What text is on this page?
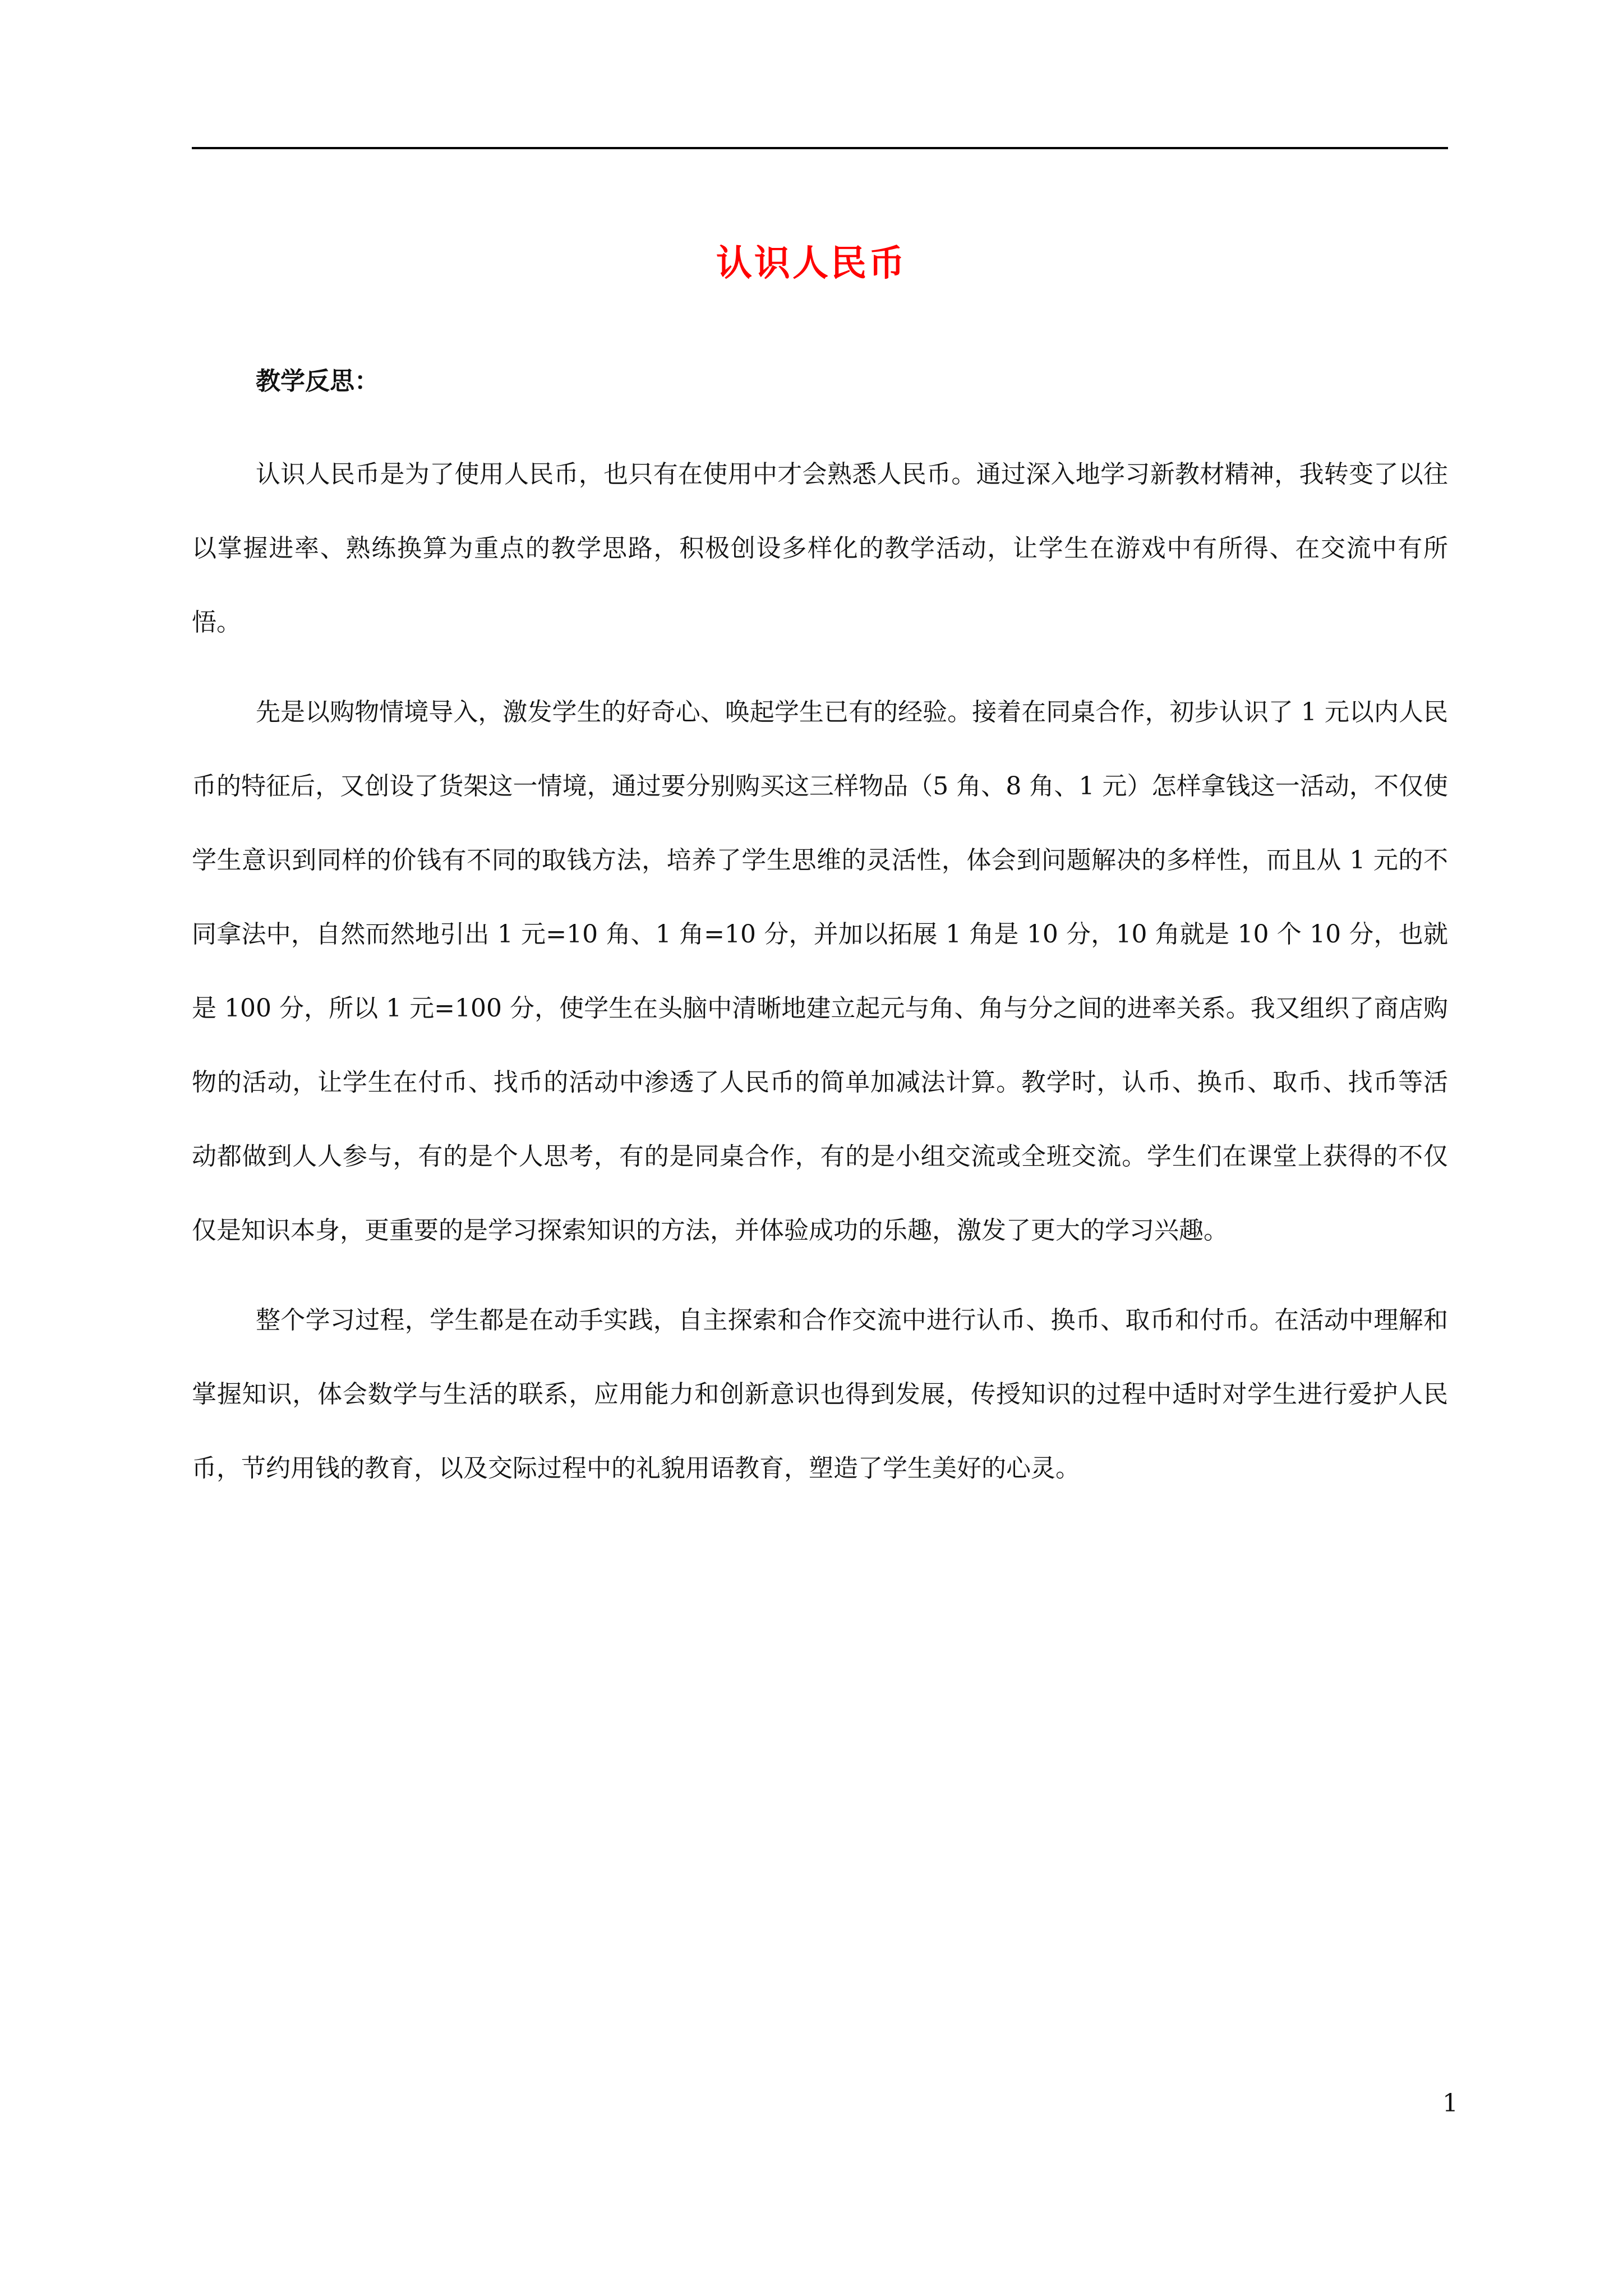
认识人民币
教学反思：

认识人民币是为了使用人民币，也只有在使用中才会熟悉人民币。通过深入地学习新教材精神，我转变了以往以掌握进率、熟练换算为重点的教学思路，积极创设多样化的教学活动，让学生在游戏中有所得、在交流中有所悟。

先是以购物情境导入，激发学生的好奇心、唤起学生已有的经验。接着在同桌合作，初步认识了 1 元以内人民币的特征后，又创设了货架这一情境，通过要分别购买这三样物品（5 角、8 角、1 元）怎样拿钱这一活动，不仅使学生意识到同样的价钱有不同的取钱方法，培养了学生思维的灵活性，体会到问题解决的多样性，而且从 1 元的不同拿法中，自然而然地引出 1 元=10 角、1 角=10 分，并加以拓展 1 角是 10 分，10 角就是 10 个 10 分，也就是 100 分，所以 1 元=100 分，使学生在头脑中清晰地建立起元与角、角与分之间的进率关系。我又组织了商店购物的活动，让学生在付币、找币的活动中渗透了人民币的简单加减法计算。教学时，认币、换币、取币、找币等活动都做到人人参与，有的是个人思考，有的是同桌合作，有的是小组交流或全班交流。学生们在课堂上获得的不仅仅是知识本身，更重要的是学习探索知识的方法，并体验成功的乐趣，激发了更大的学习兴趣。

整个学习过程，学生都是在动手实践，自主探索和合作交流中进行认币、换币、取币和付币。在活动中理解和掌握知识，体会数学与生活的联系，应用能力和创新意识也得到发展，传授知识的过程中适时对学生进行爱护人民币，节约用钱的教育，以及交际过程中的礼貌用语教育，塑造了学生美好的心灵。

1
